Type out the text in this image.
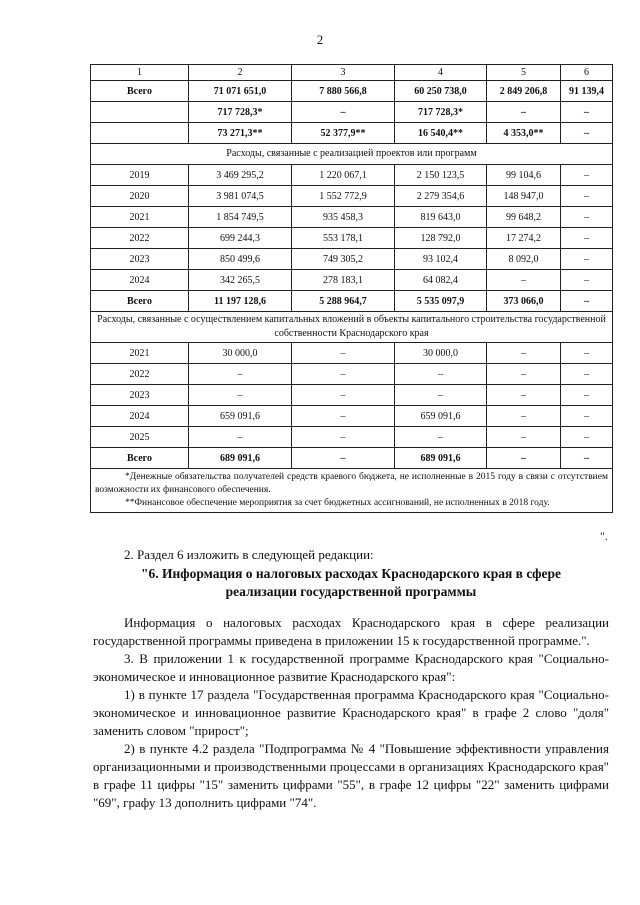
2
1	2	3	4	5	6
Всего	71 071 651,0	7 880 566,8	60 250 738,0	2 849 206,8	91 139,4
	717 728,3*	–	717 728,3*	–	–
	73 271,3**	52 377,9**	16 540,4**	4 353,0**	–
Расходы, связанные с реализацией проектов или программ					
2019	3 469 295,2	1 220 067,1	2 150 123,5	99 104,6	–
2020	3 981 074,5	1 552 772,9	2 279 354,6	148 947,0	–
2021	1 854 749,5	935 458,3	819 643,0	99 648,2	–
2022	699 244,3	553 178,1	128 792,0	17 274,2	–
2023	850 499,6	749 305,2	93 102,4	8 092,0	–
2024	342 265,5	278 183,1	64 082,4	–	–
Всего	11 197 128,6	5 288 964,7	5 535 097,9	373 066,0	–
Расходы, связанные с осуществлением капитальных вложений в объекты капитального строительства государственной собственности Краснодарского края					
2021	30 000,0	–	30 000,0	–	–
2022	–	–	–	–	–
2023	–	–	–	–	–
2024	659 091,6	–	659 091,6	–	–
2025	–	–	–	–	–
Всего	689 091,6	–	689 091,6	–	–

*Денежные обязательства получателей средств краевого бюджета, не исполненные в 2015 году в связи с отсутствием возможности их финансового обеспечения.

**Финансовое обеспечение мероприятия за счет бюджетных ассигнований, не исполненных в 2018 году.					

".

2. Раздел 6 изложить в следующей редакции:

"6. Информация о налоговых расходах Краснодарского края в сфере реализации государственной программы

Информация о налоговых расходах Краснодарского края в сфере реализации государственной программы приведена в приложении 15 к государственной программе.".

3. В приложении 1 к государственной программе Краснодарского края "Социально-экономическое и инновационное развитие Краснодарского края":

1) в пункте 17 раздела "Государственная программа Краснодарского края "Социально-экономическое и инновационное развитие Краснодарского края" в графе 2 слово "доля" заменить словом "прирост";

2) в пункте 4.2 раздела "Подпрограмма № 4 "Повышение эффективности управления организационными и производственными процессами в организациях Краснодарского края" в графе 11 цифры "15" заменить цифрами "55", в графе 12 цифры "22" заменить цифрами "69", графу 13 дополнить цифрами "74".
